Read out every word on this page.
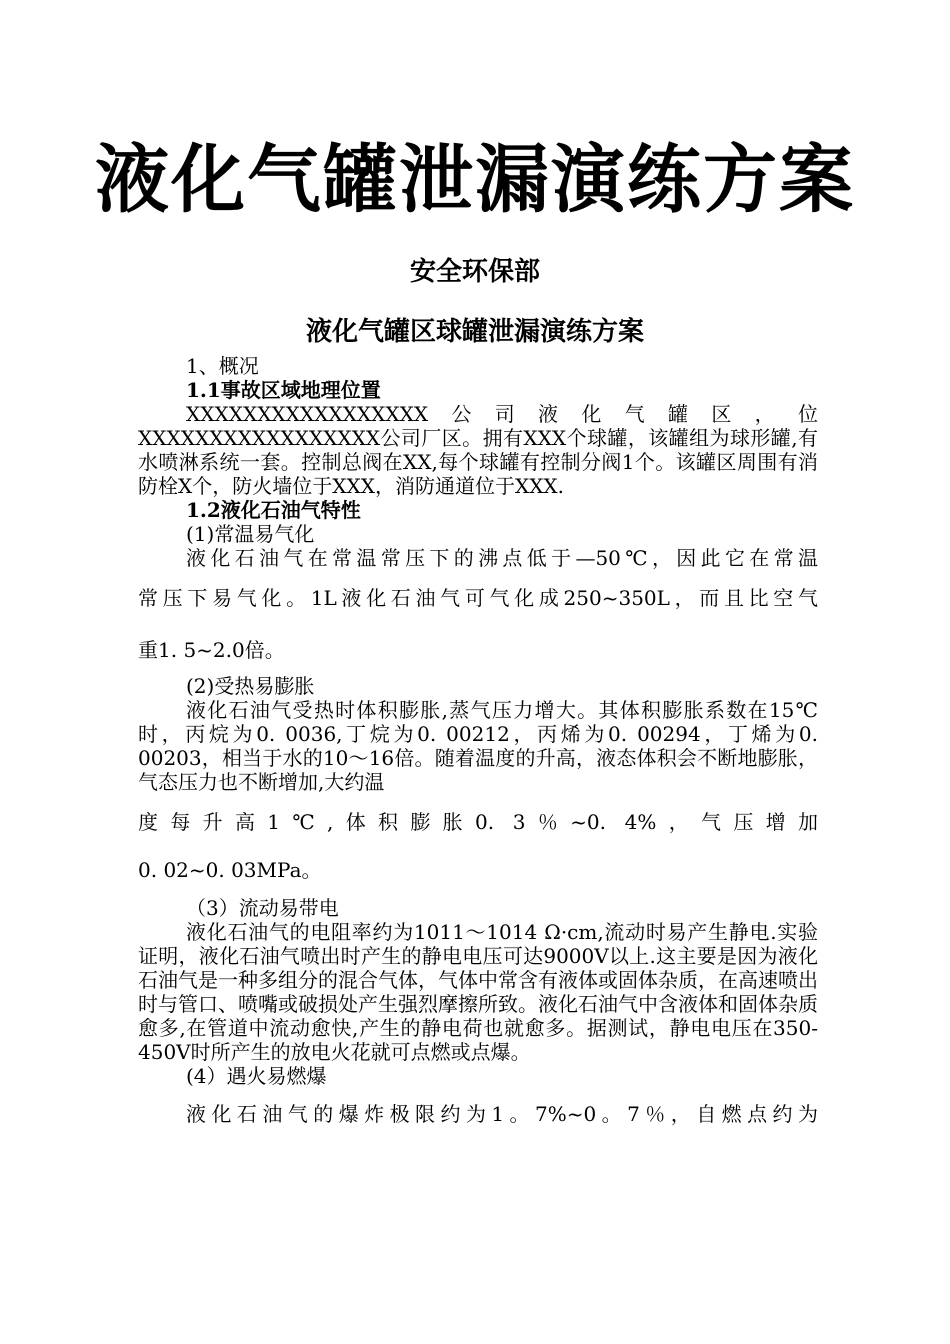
液化气罐泄漏演练方案
安全环保部
液化气罐区球罐泄漏演练方案

1、概况

1.1事故区域地理位置

XXXXXXXXXXXXXXXXX公司液化气罐区，位XXXXXXXXXXXXXXXXX公司厂区。拥有XXX个球罐，该罐组为球形罐,有水喷淋系统一套。控制总阀在XX,每个球罐有控制分阀1个。该罐区周围有消防栓X个，防火墙位于XXX，消防通道位于XXX.

1.2液化石油气特性

(1)常温易气化

液化石油气在常温常压下的沸点低于—50℃，因此它在常温

常压下易气化。1L液化石油气可气化成250~350L，而且比空气

重1. 5~2.0倍。

(2)受热易膨胀

液化石油气受热时体积膨胀,蒸气压力增大。其体积膨胀系数在15℃时，丙烷为0. 0036,丁烷为0. 00212，丙烯为0. 00294，丁烯为0. 00203，相当于水的10～16倍。随着温度的升高，液态体积会不断地膨胀，气态压力也不断增加,大约温

度每升高1℃,体积膨胀0. 3％~0. 4%，气压增加

0. 02~0. 03MPa。

（3）流动易带电

液化石油气的电阻率约为1011～1014 Ω·cm,流动时易产生静电.实验证明，液化石油气喷出时产生的静电电压可达9000V以上.这主要是因为液化石油气是一种多组分的混合气体，气体中常含有液体或固体杂质，在高速喷出时与管口、喷嘴或破损处产生强烈摩擦所致。液化石油气中含液体和固体杂质愈多,在管道中流动愈快,产生的静电荷也就愈多。据测试，静电电压在350-450V时所产生的放电火花就可点燃或点爆。

(4）遇火易燃爆

液化石油气的爆炸极限约为1。7%~0。7％，自燃点约为
